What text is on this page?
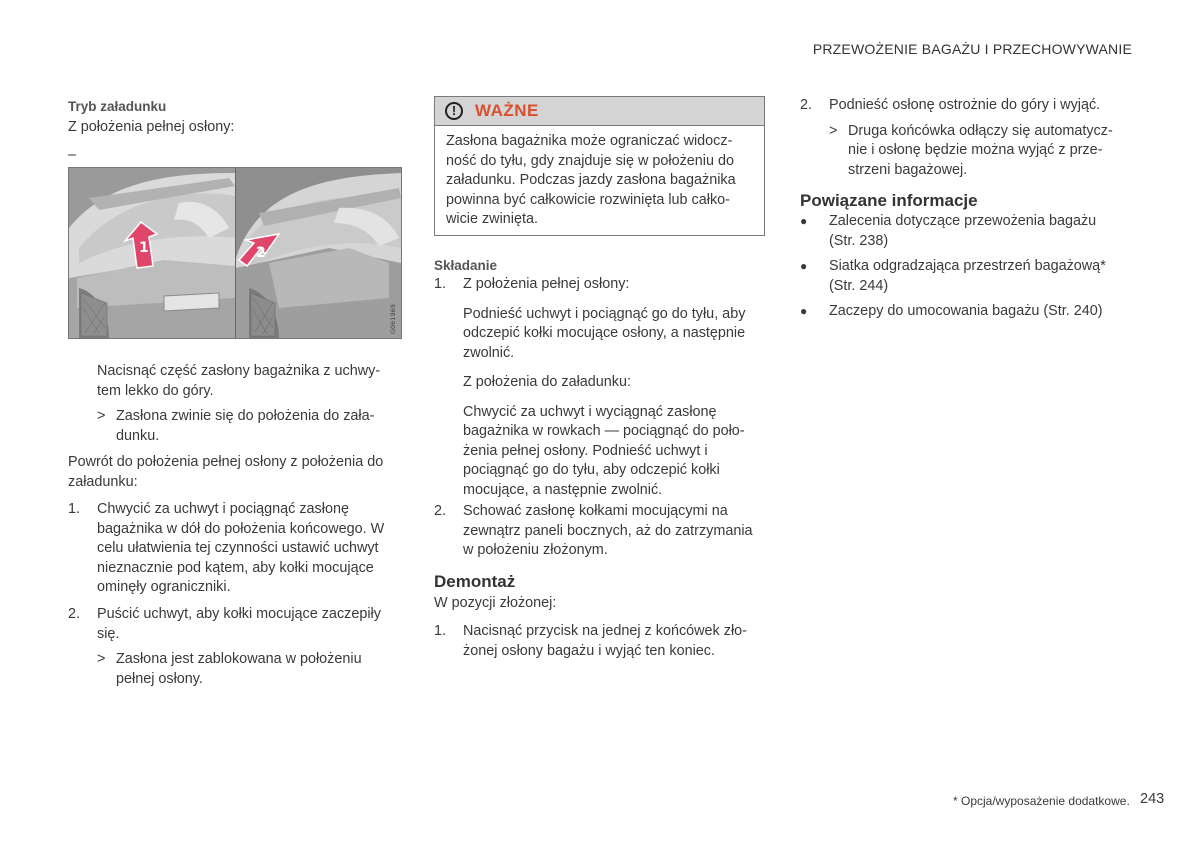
PRZEWOŻENIE BAGAŻU I PRZECHOWYWANIE
Tryb załadunku

Z położenia pełnej osłony:

–

1	2
G061969

Nacisnąć część zasłony bagażnika z uchwy-

tem lekko do góry.

> Zasłona zwinie się do położenia do zała-

dunku.

Powrót do położenia pełnej osłony z położenia do

załadunku:

1. Chwycić za uchwyt i pociągnąć zasłonę

bagażnika w dół do położenia końcowego. W

celu ułatwienia tej czynności ustawić uchwyt

nieznacznie pod kątem, aby kołki mocujące

ominęły ograniczniki.

2. Puścić uchwyt, aby kołki mocujące zaczepiły

się.

> Zasłona jest zablokowana w położeniu

pełnej osłony.

!	WAŻNE

Zasłona bagażnika może ograniczać widocz-

ność do tyłu, gdy znajduje się w położeniu do

załadunku. Podczas jazdy zasłona bagażnika

powinna być całkowicie rozwinięta lub całko-

wicie zwinięta.

Składanie
1. Z położenia pełnej osłony:

Podnieść uchwyt i pociągnąć go do tyłu, aby

odczepić kołki mocujące osłony, a następnie

zwolnić.

Z położenia do załadunku:

Chwycić za uchwyt i wyciągnąć zasłonę

bagażnika w rowkach — pociągnąć do poło-

żenia pełnej osłony. Podnieść uchwyt i

pociągnąć go do tyłu, aby odczepić kołki

mocujące, a następnie zwolnić.

2. Schować zasłonę kołkami mocującymi na

zewnątrz paneli bocznych, aż do zatrzymania

w położeniu złożonym.

Demontaż

W pozycji złożonej:

1. Nacisnąć przycisk na jednej z końcówek zło-

żonej osłony bagażu i wyjąć ten koniec.

2. Podnieść osłonę ostrożnie do góry i wyjąć.

> Druga końcówka odłączy się automatycz-

nie i osłonę będzie można wyjąć z prze-

strzeni bagażowej.

Powiązane informacje
● Zalecenia dotyczące przewożenia bagażu

(Str. 238)

● Siatka odgradzająca przestrzeń bagażową*

(Str. 244)

● Zaczepy do umocowania bagażu (Str. 240)

* Opcja/wyposażenie dodatkowe. 243
